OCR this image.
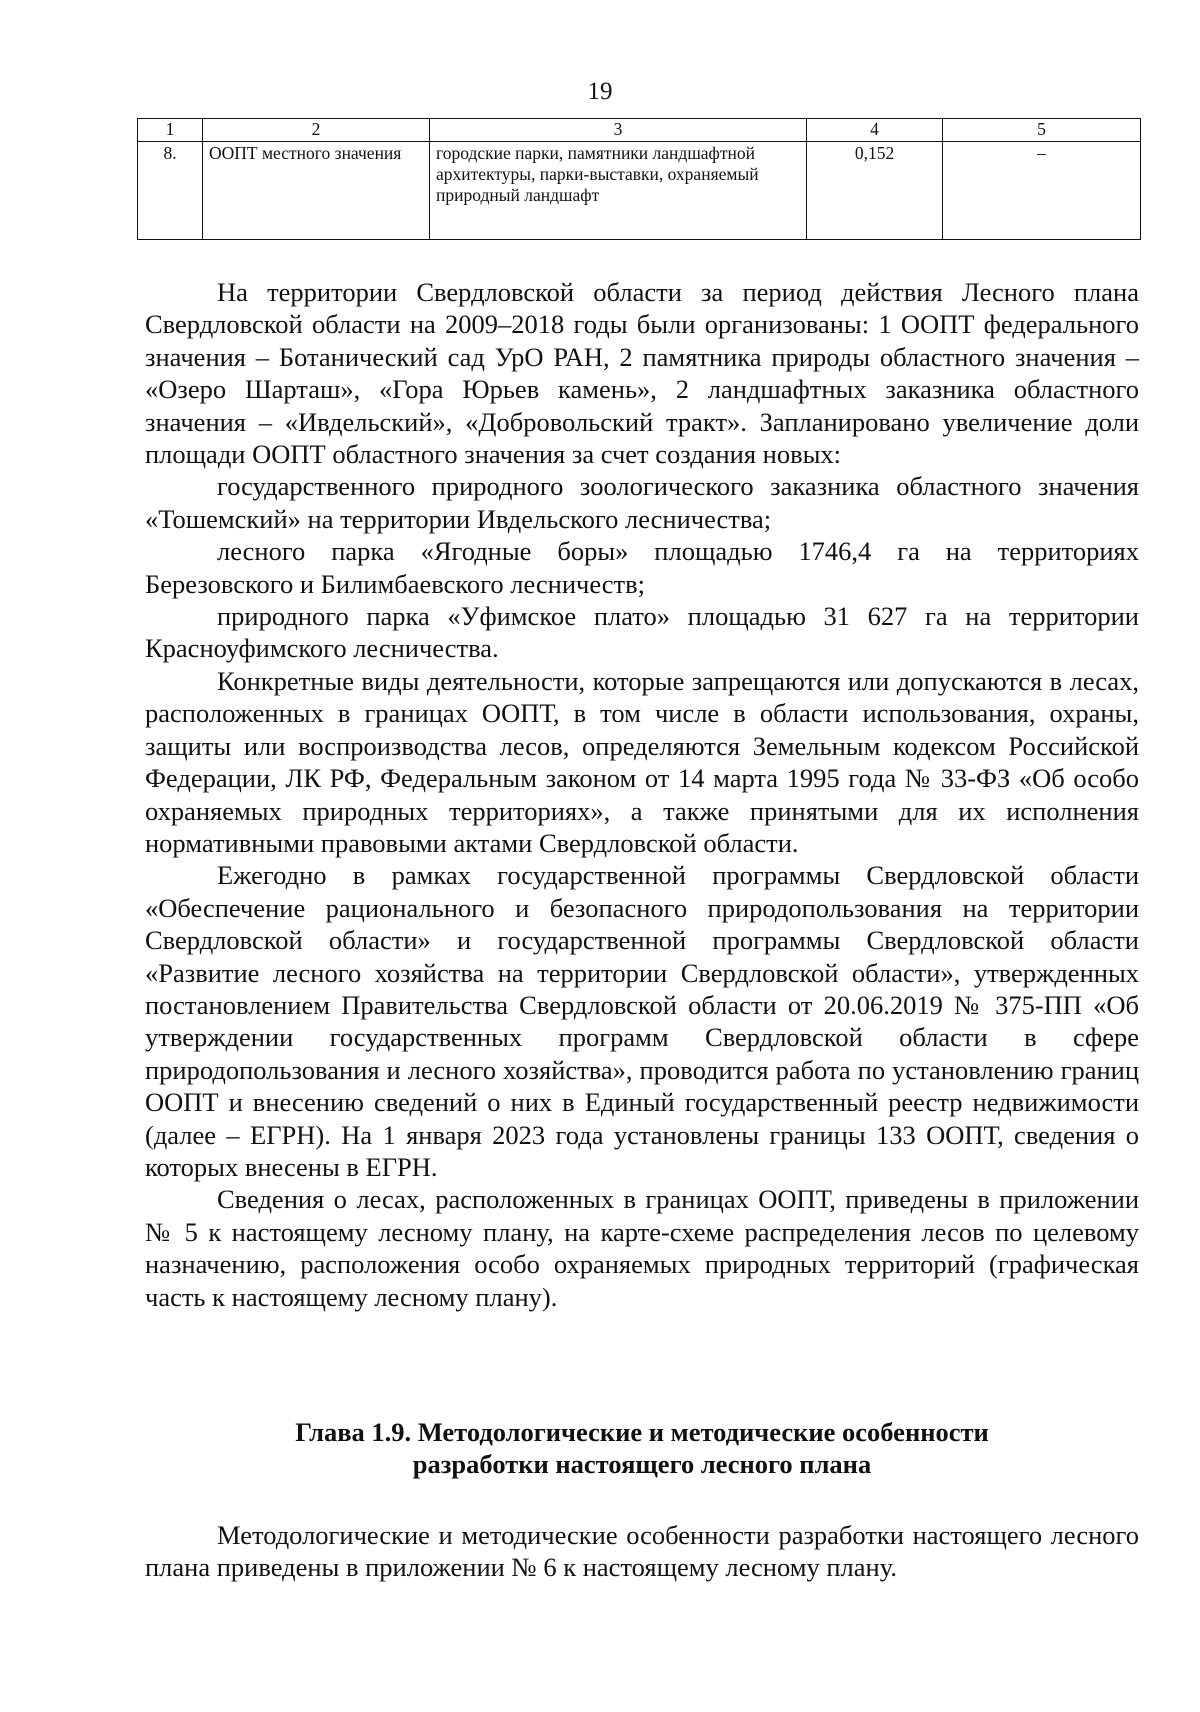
19
1	2	3	4	5
8.	ООПТ местного значения	городские парки, памятники ландшафтной архитектуры, парки-выставки, охраняемый природный ландшафт	0,152	–

На территории Свердловской области за период действия Лесного плана Свердловской области на 2009–2018 годы были организованы: 1 ООПТ федерального значения – Ботанический сад УрО РАН, 2 памятника природы областного значения – «Озеро Шарташ», «Гора Юрьев камень», 2 ландшафтных заказника областного значения – «Ивдельский», «Добровольский тракт». Запланировано увеличение доли площади ООПТ областного значения за счет создания новых:

государственного природного зоологического заказника областного значения «Тошемский» на территории Ивдельского лесничества;

лесного парка «Ягодные боры» площадью 1746,4 га на территориях Березовского и Билимбаевского лесничеств;

природного парка «Уфимское плато» площадью 31 627 га на территории Красноуфимского лесничества.

Конкретные виды деятельности, которые запрещаются или допускаются в лесах, расположенных в границах ООПТ, в том числе в области использования, охраны, защиты или воспроизводства лесов, определяются Земельным кодексом Российской Федерации, ЛК РФ, Федеральным законом от 14 марта 1995 года № 33-ФЗ «Об особо охраняемых природных территориях», а также принятыми для их исполнения нормативными правовыми актами Свердловской области.

Ежегодно в рамках государственной программы Свердловской области «Обеспечение рационального и безопасного природопользования на территории Свердловской области» и государственной программы Свердловской области «Развитие лесного хозяйства на территории Свердловской области», утвержденных постановлением Правительства Свердловской области от 20.06.2019 № 375-ПП «Об утверждении государственных программ Свердловской области в сфере природопользования и лесного хозяйства», проводится работа по установлению границ ООПТ и внесению сведений о них в Единый государственный реестр недвижимости (далее – ЕГРН). На 1 января 2023 года установлены границы 133 ООПТ, сведения о которых внесены в ЕГРН.

Сведения о лесах, расположенных в границах ООПТ, приведены в приложении № 5 к настоящему лесному плану, на карте-схеме распределения лесов по целевому назначению, расположения особо охраняемых природных территорий (графическая часть к настоящему лесному плану).

Глава 1.9. Методологические и методические особенности
разработки настоящего лесного плана

Методологические и методические особенности разработки настоящего лесного плана приведены в приложении № 6 к настоящему лесному плану.
